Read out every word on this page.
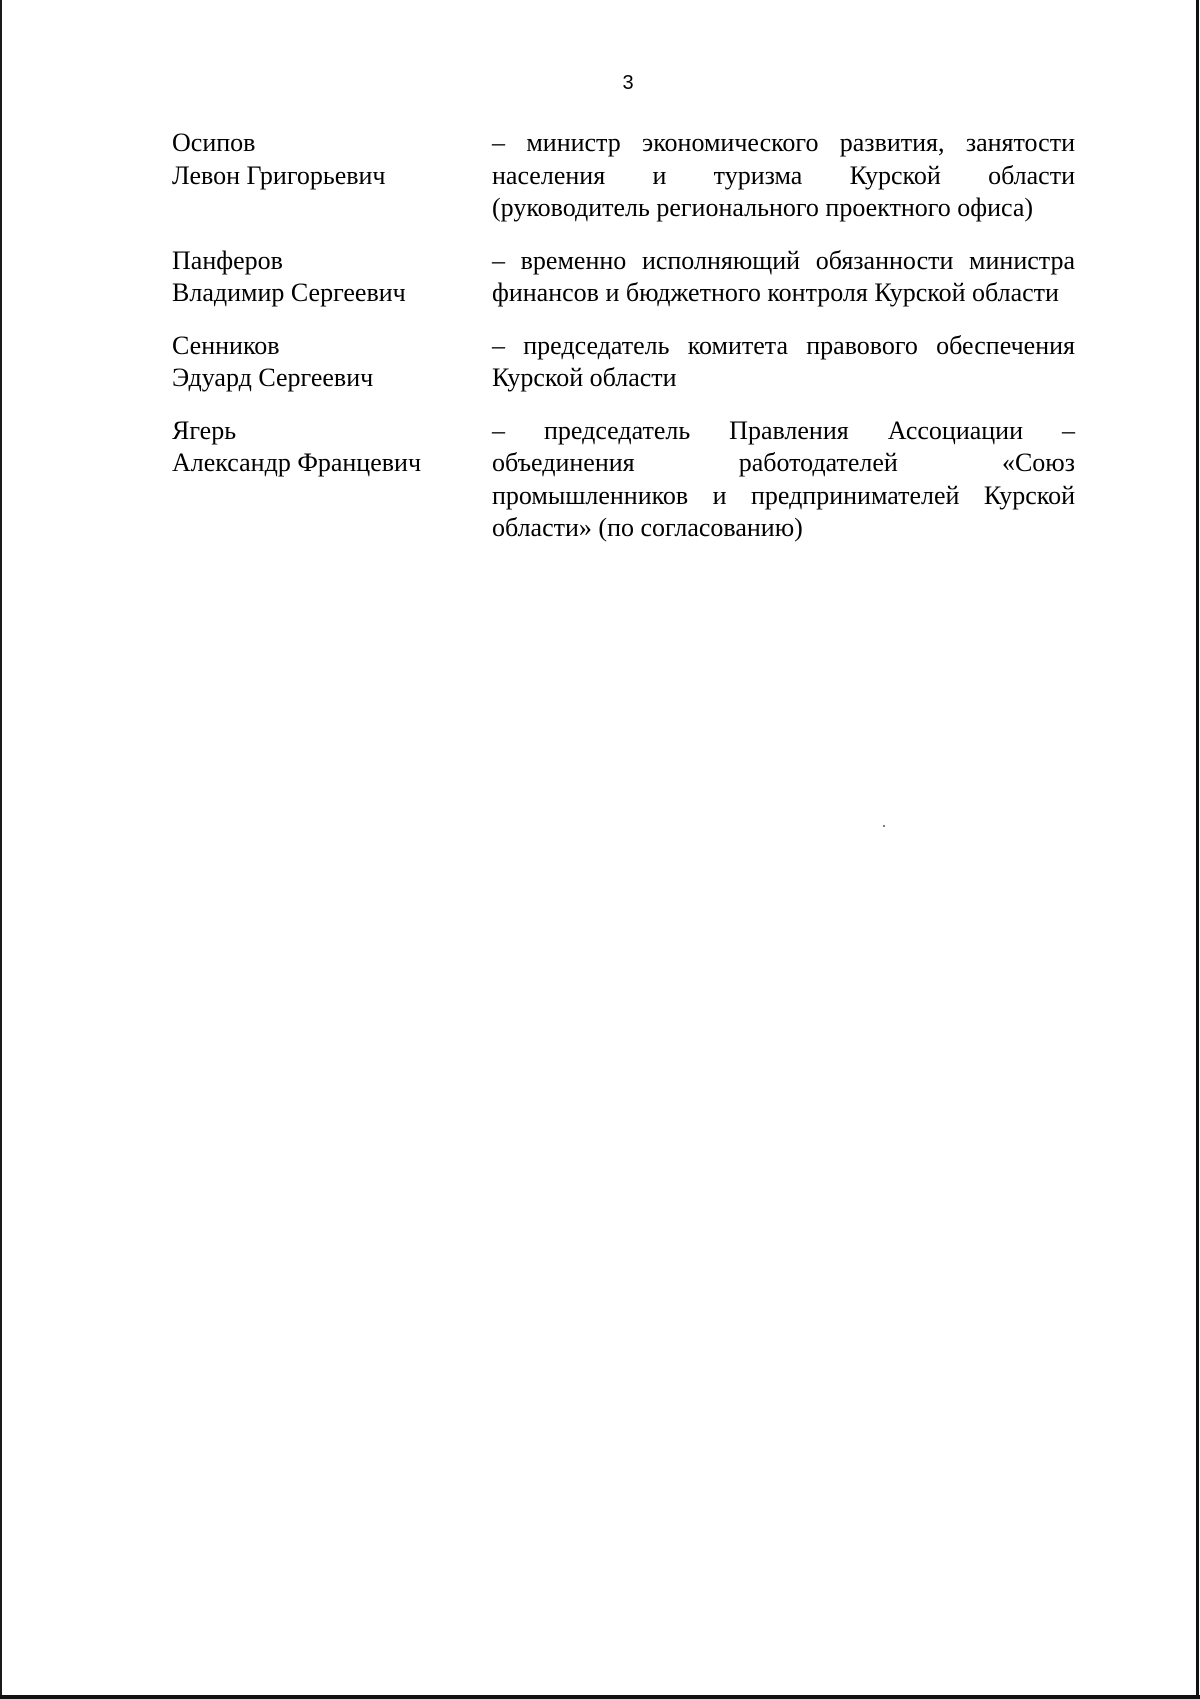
3
Осипов
Левон Григорьевич
– министр экономического развития, занятости населения и туризма Курской области (руководитель регионального проектного офиса)
Панферов
Владимир Сергеевич
– временно исполняющий обязанности министра финансов и бюджетного контроля Курской области
Сенников
Эдуард Сергеевич
– председатель комитета правового обеспечения Курской области
Ягерь
Александр Францевич
– председатель Правления Ассоциации – объединения работодателей «Союз промышленников и предпринимателей Курской области» (по согласованию)
